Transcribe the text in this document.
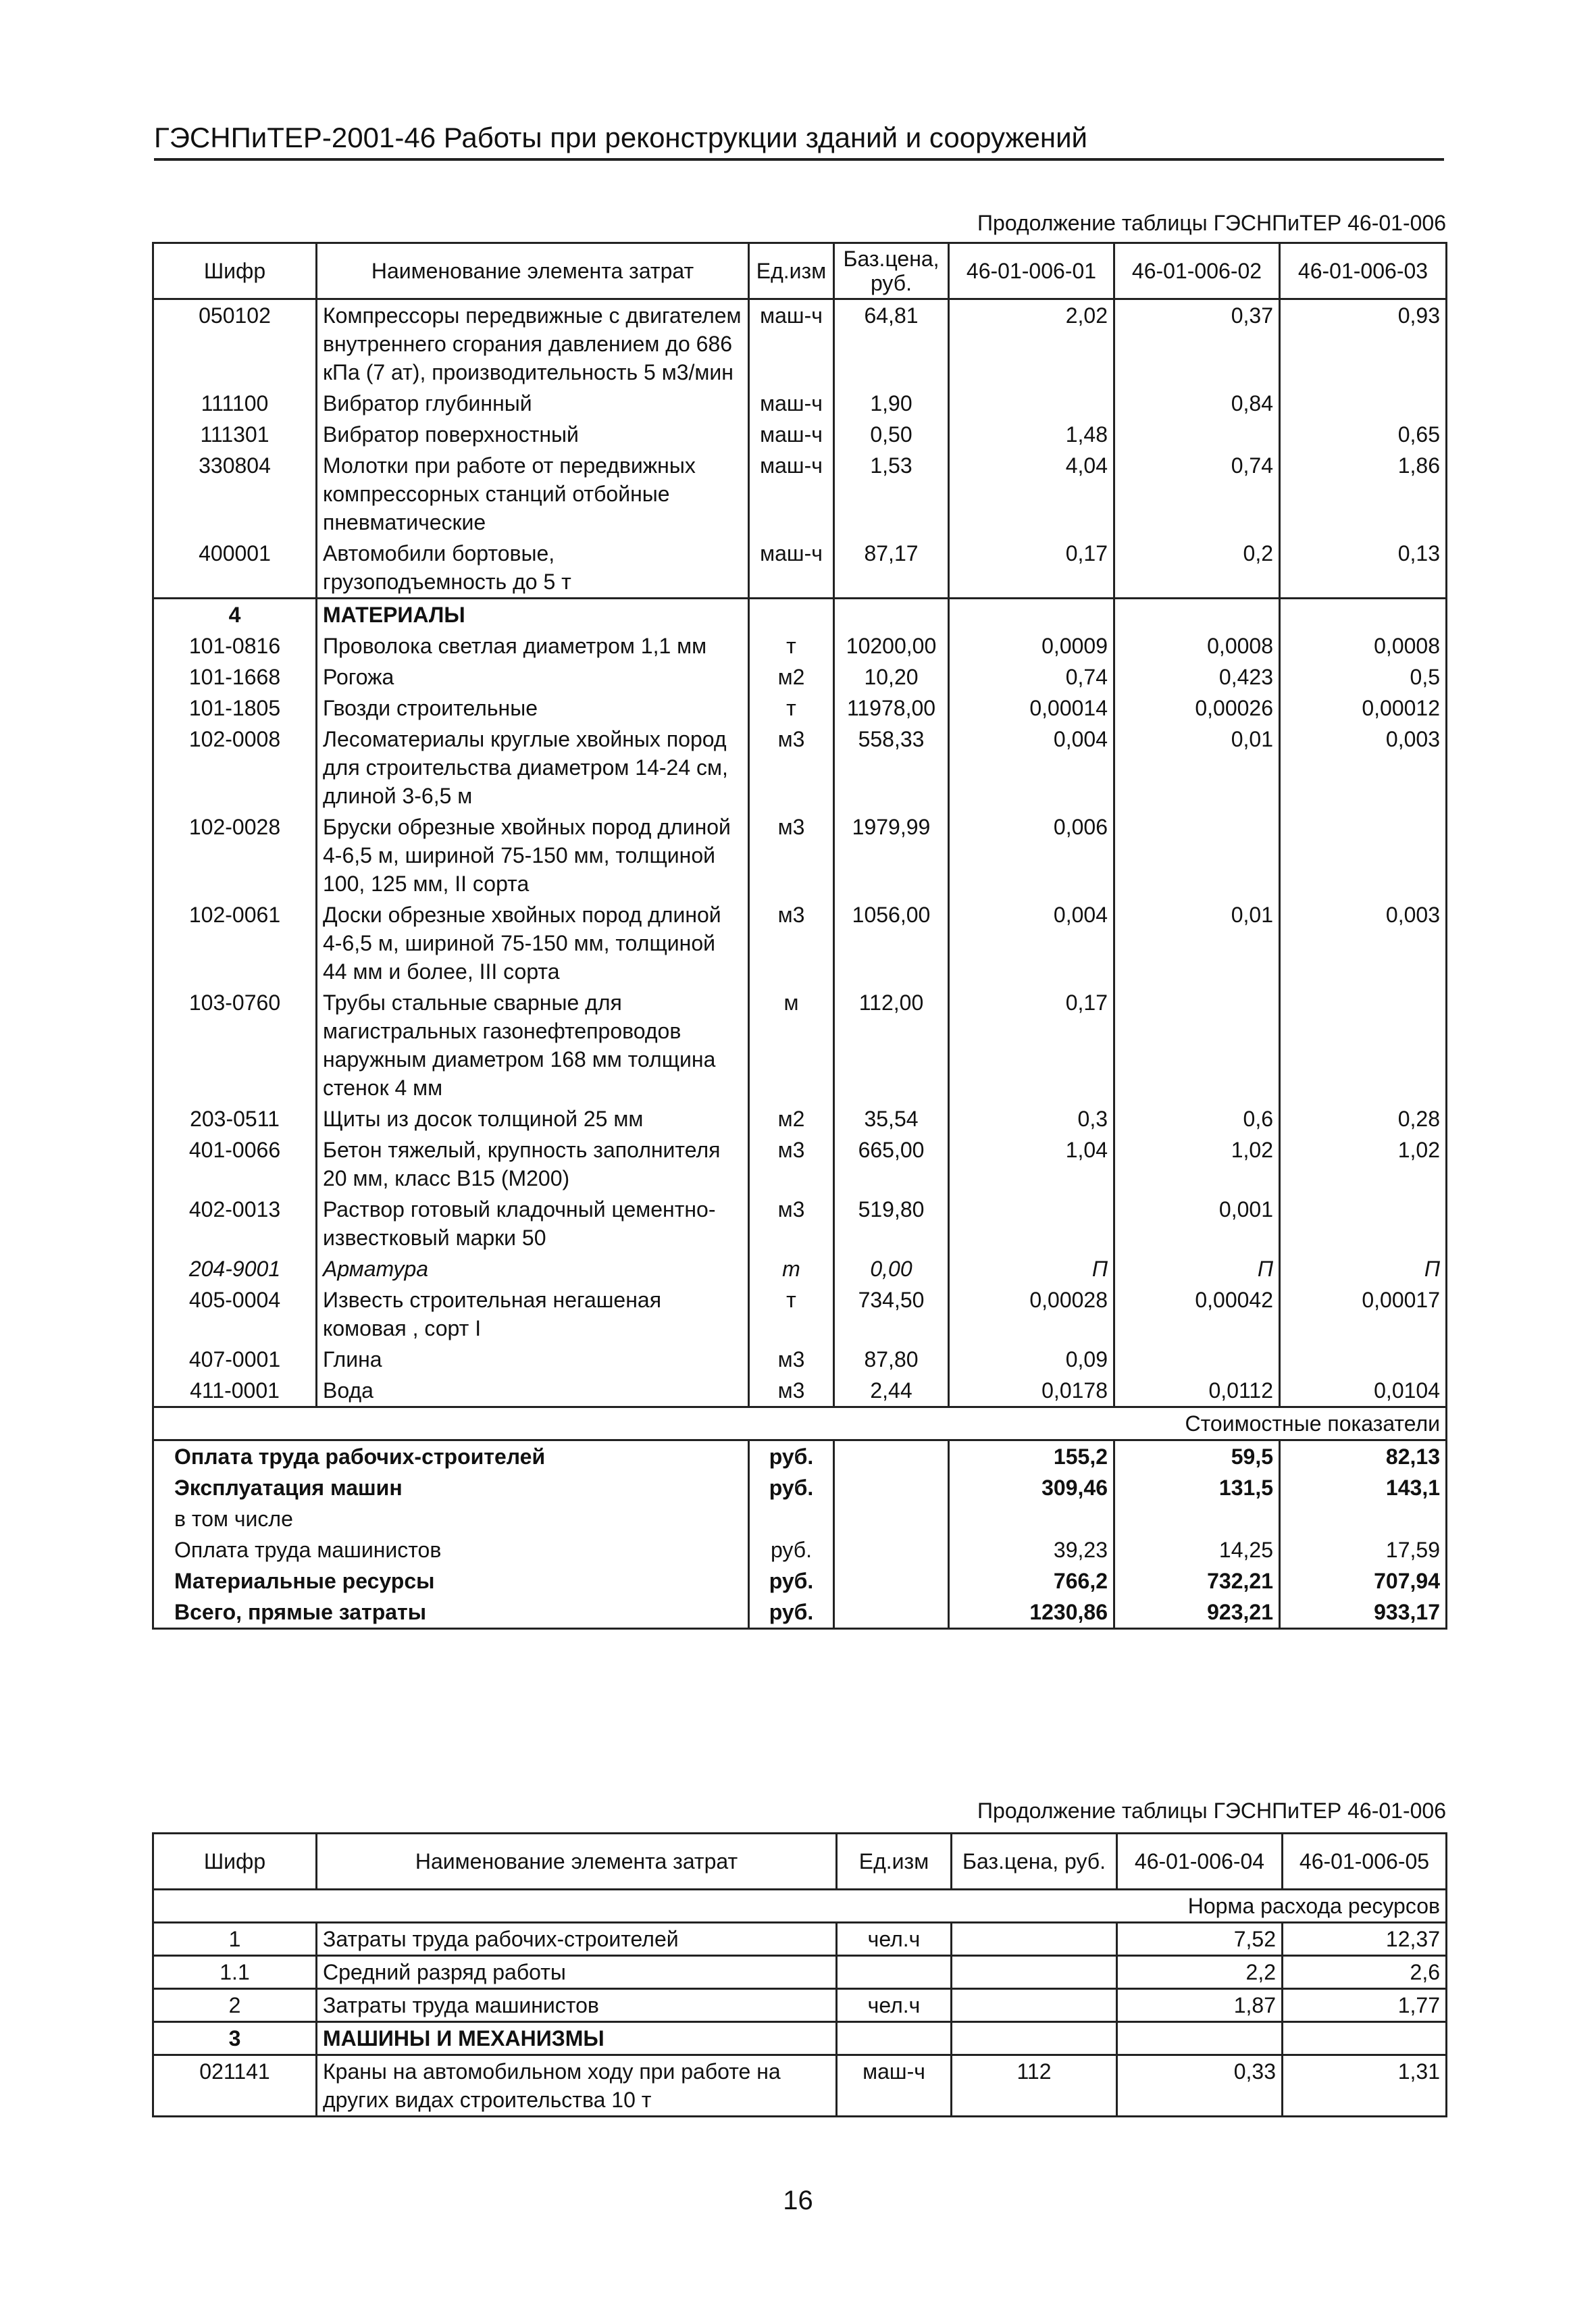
ГЭСНПиТЕР-2001-46 Работы при реконструкции зданий и сооружений
Продолжение таблицы ГЭСНПиТЕР 46-01-006
Шифр	Наименование элемента затрат	Ед.изм	Баз.цена, руб.	46-01-006-01	46-01-006-02	46-01-006-03
050102	Компрессоры передвижные с двигателем внутреннего сгорания давлением до 686 кПа (7 ат), производительность 5 м3/мин	маш-ч	64,81	2,02	0,37	0,93
111100	Вибратор глубинный	маш-ч	1,90		0,84	
111301	Вибратор поверхностный	маш-ч	0,50	1,48		0,65
330804	Молотки при работе от передвижных компрессорных станций отбойные пневматические	маш-ч	1,53	4,04	0,74	1,86
400001	Автомобили бортовые, грузоподъемность до 5 т	маш-ч	87,17	0,17	0,2	0,13
4	МАТЕРИАЛЫ					
101-0816	Проволока светлая диаметром 1,1 мм	т	10200,00	0,0009	0,0008	0,0008
101-1668	Рогожа	м2	10,20	0,74	0,423	0,5
101-1805	Гвозди строительные	т	11978,00	0,00014	0,00026	0,00012
102-0008	Лесоматериалы круглые хвойных пород для строительства диаметром 14-24 см, длиной 3-6,5 м	м3	558,33	0,004	0,01	0,003
102-0028	Бруски обрезные хвойных пород длиной 4-6,5 м, шириной 75-150 мм, толщиной 100, 125 мм, II сорта	м3	1979,99	0,006		
102-0061	Доски обрезные хвойных пород длиной 4-6,5 м, шириной 75-150 мм, толщиной 44 мм и более, III сорта	м3	1056,00	0,004	0,01	0,003
103-0760	Трубы стальные сварные для магистральных газонефтепроводов наружным диаметром 168 мм толщина стенок 4 мм	м	112,00	0,17		
203-0511	Щиты из досок толщиной 25 мм	м2	35,54	0,3	0,6	0,28
401-0066	Бетон тяжелый, крупность заполнителя 20 мм, класс В15 (М200)	м3	665,00	1,04	1,02	1,02
402-0013	Раствор готовый кладочный цементно-известковый марки 50	м3	519,80		0,001	
204-9001	Арматура	т	0,00	П	П	П
405-0004	Известь строительная негашеная комовая , сорт I	т	734,50	0,00028	0,00042	0,00017
407-0001	Глина	м3	87,80	0,09		
411-0001	Вода	м3	2,44	0,0178	0,0112	0,0104
Стоимостные показатели						
Оплата труда рабочих-строителей		руб.		155,2	59,5	82,13
Эксплуатация машин		руб.		309,46	131,5	143,1
в том числе						
Оплата труда машинистов		руб.		39,23	14,25	17,59
Материальные ресурсы		руб.		766,2	732,21	707,94
Всего, прямые затраты		руб.		1230,86	923,21	933,17
Продолжение таблицы ГЭСНПиТЕР 46-01-006
Шифр	Наименование элемента затрат	Ед.изм	Баз.цена, руб.	46-01-006-04	46-01-006-05
Норма расхода ресурсов					
1	Затраты труда рабочих-строителей	чел.ч		7,52	12,37
1.1	Средний разряд работы			2,2	2,6
2	Затраты труда машинистов	чел.ч		1,87	1,77
3	МАШИНЫ И МЕХАНИЗМЫ				
021141	Краны на автомобильном ходу при работе на других видах строительства 10 т	маш-ч	112	0,33	1,31
16
